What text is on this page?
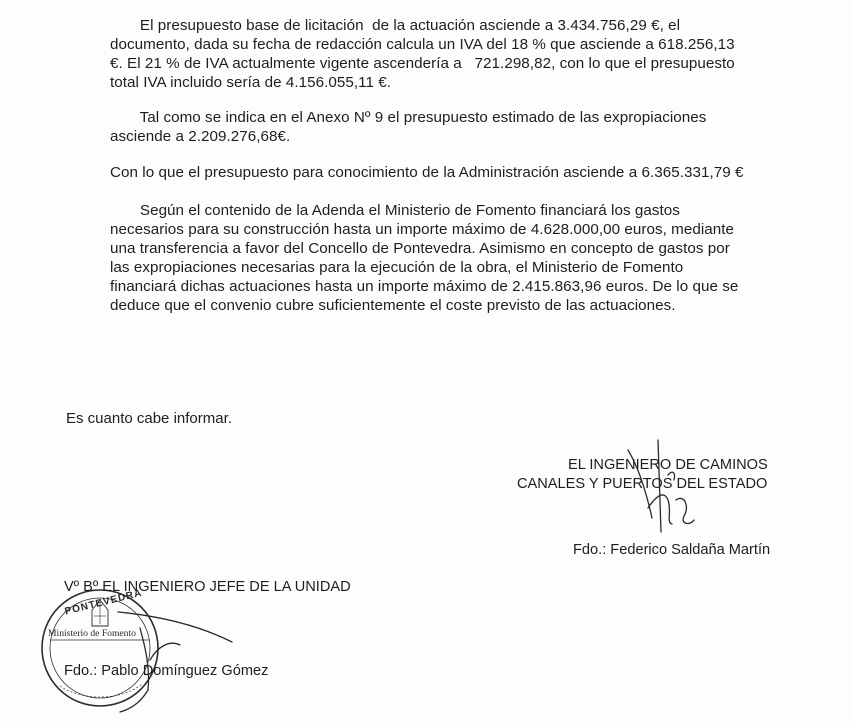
El presupuesto base de licitación  de la actuación asciende a 3.434.756,29 €, el
documento, dada su fecha de redacción calcula un IVA del 18 % que asciende a 618.256,13
€. El 21 % de IVA actualmente vigente ascendería a   721.298,82, con lo que el presupuesto
total IVA incluido sería de 4.156.055,11 €.
Tal como se indica en el Anexo Nº 9 el presupuesto estimado de las expropiaciones
asciende a 2.209.276,68€.
Con lo que el presupuesto para conocimiento de la Administración asciende a 6.365.331,79 €
Según el contenido de la Adenda el Ministerio de Fomento financiará los gastos
necesarios para su construcción hasta un importe máximo de 4.628.000,00 euros, mediante
una transferencia a favor del Concello de Pontevedra. Asimismo en concepto de gastos por
las expropiaciones necesarias para la ejecución de la obra, el Ministerio de Fomento
financiará dichas actuaciones hasta un importe máximo de 2.415.863,96 euros. De lo que se
deduce que el convenio cubre suficientemente el coste previsto de las actuaciones.

Es cuanto cabe informar.

PONTEVEDRA
Ministerio de Fomento

EL INGENIERO DE CAMINOS

CANALES Y PUERTOS DEL ESTADO

Fdo.: Federico Saldaña Martín

Vº Bº EL INGENIERO JEFE DE LA UNIDAD

Fdo.: Pablo Domínguez Gómez
